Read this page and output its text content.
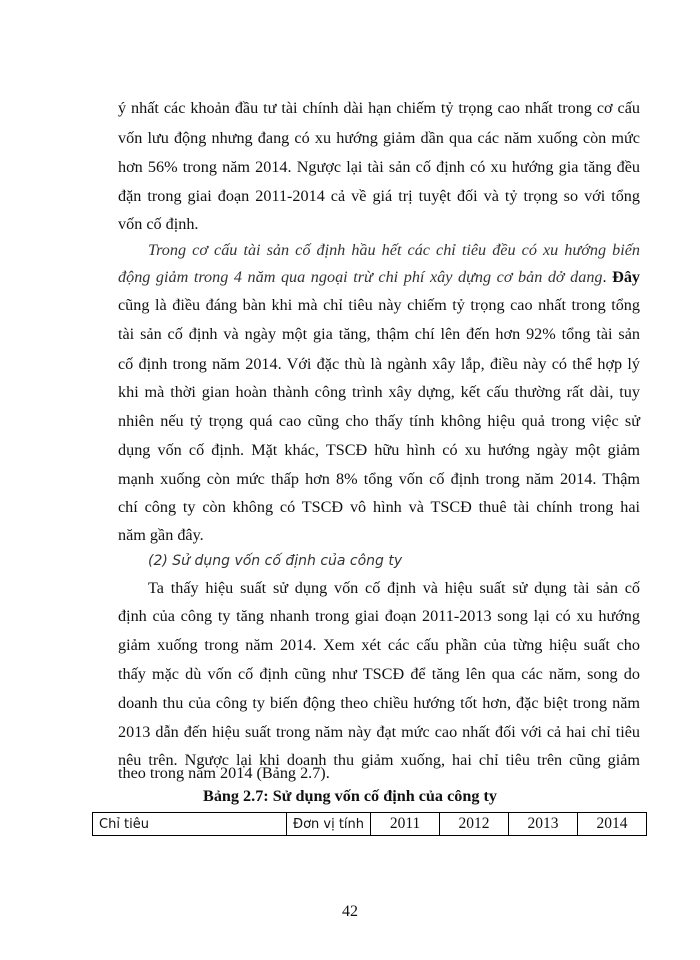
ý nhất các khoản đầu tư tài chính dài hạn chiếm tỷ trọng cao nhất trong cơ cấu
vốn lưu động nhưng đang có xu hướng giảm dần qua các năm xuống còn mức
hơn 56% trong năm 2014. Ngược lại tài sản cố định có xu hướng gia tăng đều
đặn trong giai đoạn 2011-2014 cả về giá trị tuyệt đối và tỷ trọng so với tổng
vốn cố định.
Trong cơ cấu tài sản cố định hầu hết các chỉ tiêu đều có xu hướng biến
động giảm trong 4 năm qua ngoại trừ chi phí xây dựng cơ bản dở dang. Đây
cũng là điều đáng bàn khi mà chỉ tiêu này chiếm tỷ trọng cao nhất trong tổng
tài sản cố định và ngày một gia tăng, thậm chí lên đến hơn 92% tổng tài sản
cố định trong năm 2014. Với đặc thù là ngành xây lắp, điều này có thể hợp lý
khi mà thời gian hoàn thành công trình xây dựng, kết cấu thường rất dài, tuy
nhiên nếu tỷ trọng quá cao cũng cho thấy tính không hiệu quả trong việc sử
dụng vốn cố định. Mặt khác, TSCĐ hữu hình có xu hướng ngày một giảm
mạnh xuống còn mức thấp hơn 8% tổng vốn cố định trong năm 2014. Thậm
chí công ty còn không có TSCĐ vô hình và TSCĐ thuê tài chính trong hai
năm gần đây.
(2) Sử dụng vốn cố định của công ty
Ta thấy hiệu suất sử dụng vốn cố định và hiệu suất sử dụng tài sản cố
định của công ty tăng nhanh trong giai đoạn 2011-2013 song lại có xu hướng
giảm xuống trong năm 2014. Xem xét các cấu phần của từng hiệu suất cho
thấy mặc dù vốn cố định cũng như TSCĐ để tăng lên qua các năm, song do
doanh thu của công ty biến động theo chiều hướng tốt hơn, đặc biệt trong năm
2013 dẫn đến hiệu suất trong năm này đạt mức cao nhất đối với cả hai chỉ tiêu
nêu trên. Ngược lại khi doanh thu giảm xuống, hai chỉ tiêu trên cũng giảm
theo trong năm 2014 (Bảng 2.7).
Bảng 2.7: Sử dụng vốn cố định của công ty
Chỉ tiêu	Đơn vị tính	2011	2012	2013	2014
42
